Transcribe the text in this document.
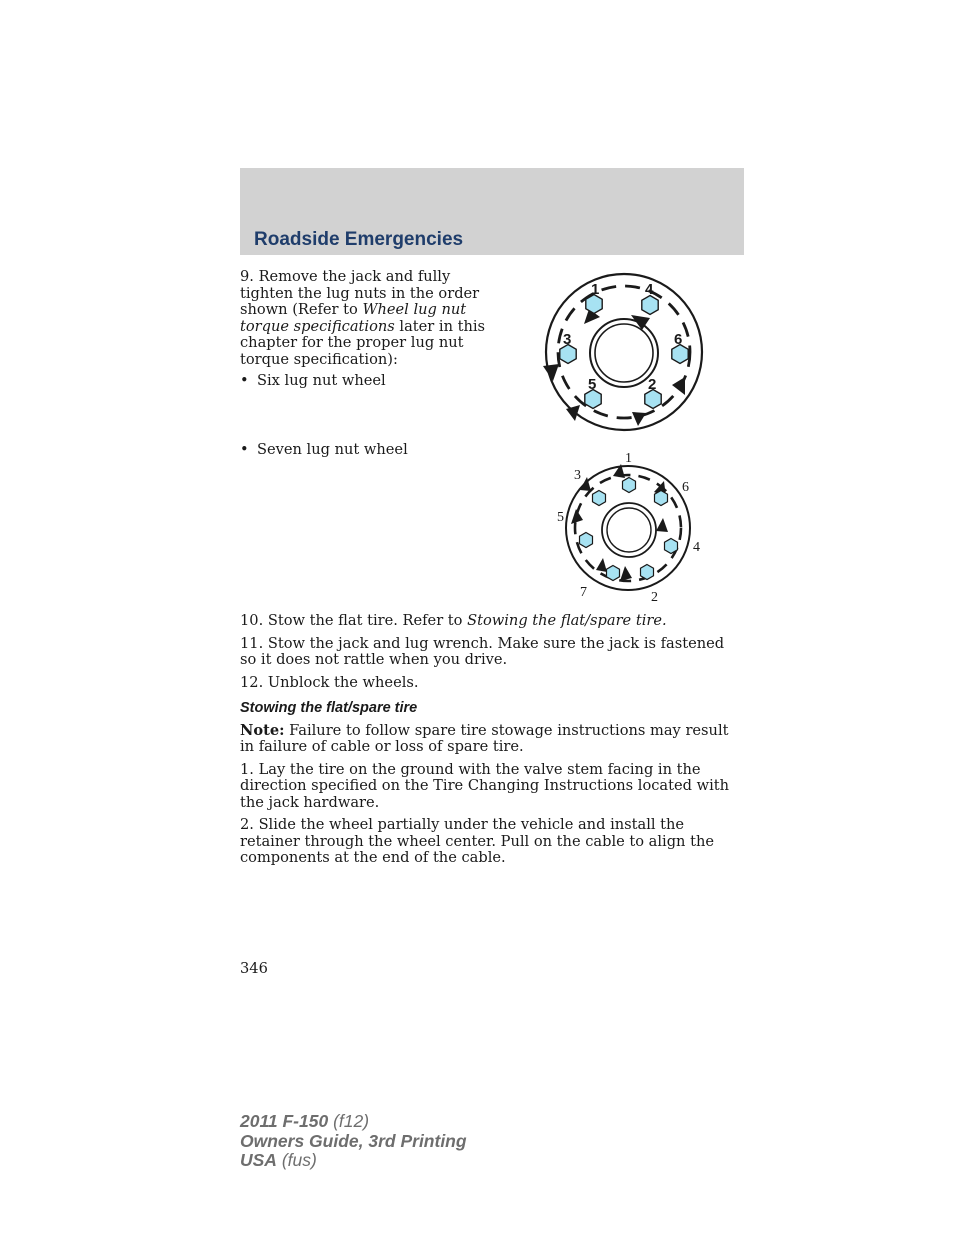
Roadside Emergencies

9. Remove the jack and fully tighten the lug nuts in the order shown (Refer to Wheel lug nut torque specifications later in this chapter for the proper lug nut torque specification):

• Six lug nut wheel
• Seven lug nut wheel
1	4
3	6
5	2
1
3
6
5
4
7	2

10. Stow the flat tire. Refer to Stowing the flat/spare tire.

11. Stow the jack and lug wrench. Make sure the jack is fastened so it does not rattle when you drive.

12. Unblock the wheels.

Stowing the flat/spare tire

Note: Failure to follow spare tire stowage instructions may result in failure of cable or loss of spare tire.

1. Lay the tire on the ground with the valve stem facing in the direction specified on the Tire Changing Instructions located with the jack hardware.

2. Slide the wheel partially under the vehicle and install the retainer through the wheel center. Pull on the cable to align the components at the end of the cable.

346
2011 F-150 (f12)
Owners Guide, 3rd Printing
USA (fus)
